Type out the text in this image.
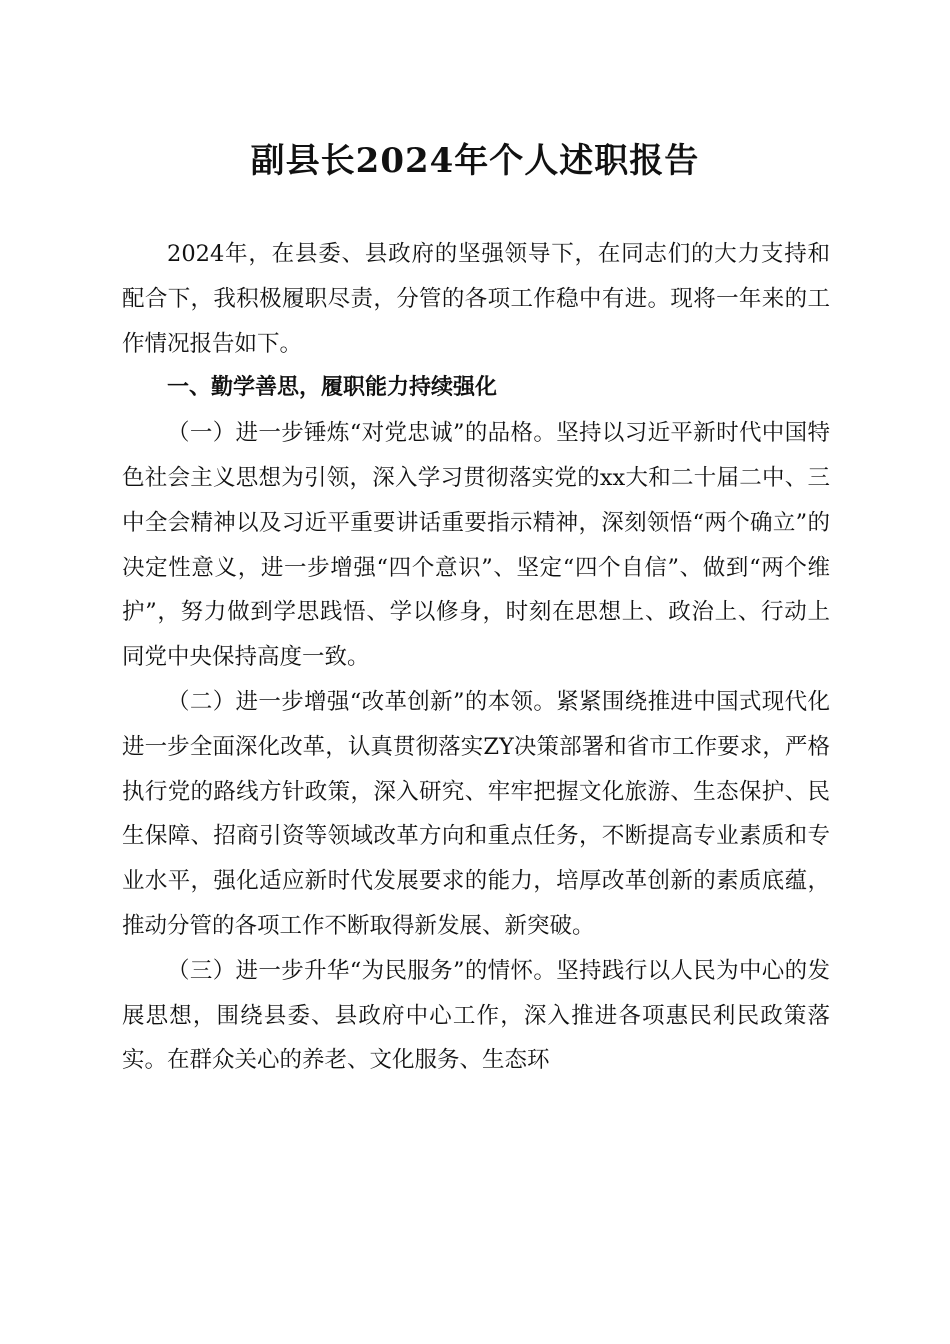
副县长2024年个人述职报告

2024年，在县委、县政府的坚强领导下，在同志们的大力支持和配合下，我积极履职尽责，分管的各项工作稳中有进。现将一年来的工作情况报告如下。

一、勤学善思，履职能力持续强化

（一）进一步锤炼“对党忠诚”的品格。坚持以习近平新时代中国特色社会主义思想为引领，深入学习贯彻落实党的xx大和二十届二中、三中全会精神以及习近平重要讲话重要指示精神，深刻领悟“两个确立”的决定性意义，进一步增强“四个意识”、坚定“四个自信”、做到“两个维护”，努力做到学思践悟、学以修身，时刻在思想上、政治上、行动上同党中央保持高度一致。

（二）进一步增强“改革创新”的本领。紧紧围绕推进中国式现代化进一步全面深化改革，认真贯彻落实ZY决策部署和省市工作要求，严格执行党的路线方针政策，深入研究、牢牢把握文化旅游、生态保护、民生保障、招商引资等领域改革方向和重点任务，不断提高专业素质和专业水平，强化适应新时代发展要求的能力，培厚改革创新的素质底蕴，推动分管的各项工作不断取得新发展、新突破。

（三）进一步升华“为民服务”的情怀。坚持践行以人民为中心的发展思想，围绕县委、县政府中心工作，深入推进各项惠民利民政策落实。在群众关心的养老、文化服务、生态环
